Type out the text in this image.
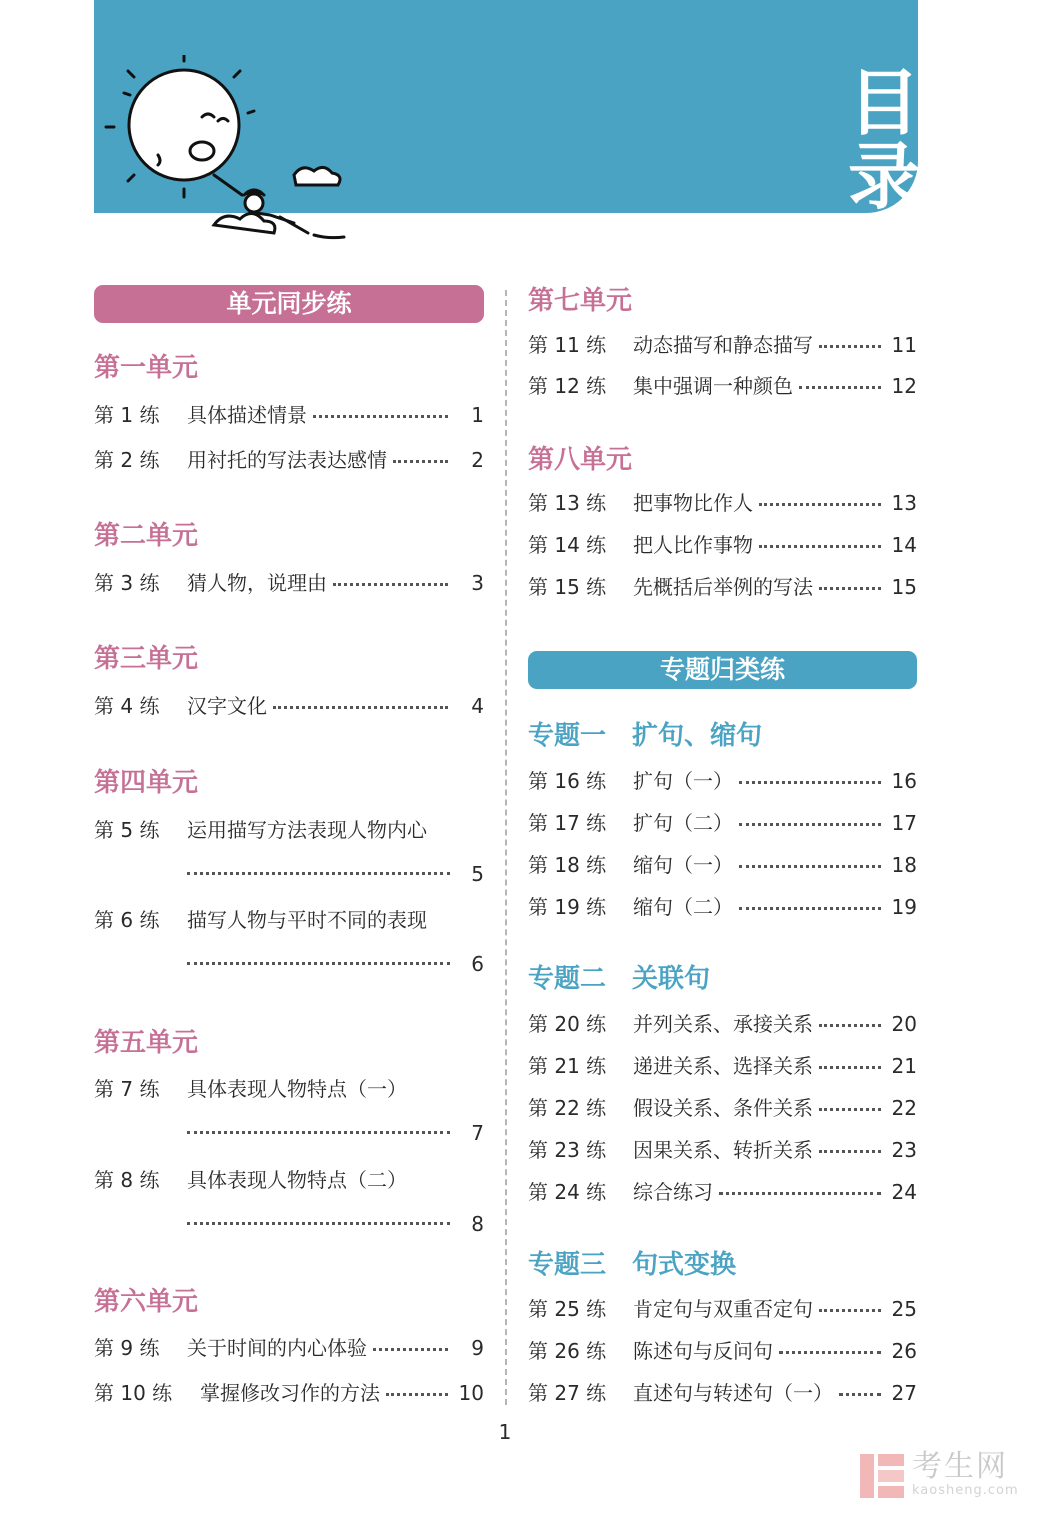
目
录
单元同步练
第一单元
第 1 练 具体描述情景	1
第 2 练 用衬托的写法表达感情	2
第二单元
第 3 练 猜人物，说理由	3
第三单元
第 4 练 汉字文化	4
第四单元
第 5 练 运用描写方法表现人物内心
5
第 6 练 描写人物与平时不同的表现
6
第五单元
第 7 练 具体表现人物特点（一）
7
第 8 练 具体表现人物特点（二）
8
第六单元
第 9 练 关于时间的内心体验	9
第 10 练 掌握修改习作的方法	10
第七单元
第 11 练 动态描写和静态描写	11
第 12 练 集中强调一种颜色	12
第八单元
第 13 练 把事物比作人	13
第 14 练 把人比作事物	14
第 15 练 先概括后举例的写法	15
专题一　扩句、缩句
第 16 练 扩句（一）	16
第 17 练 扩句（二）	17
第 18 练 缩句（一）	18
第 19 练 缩句（二）	19
专题二　关联句
第 20 练 并列关系、承接关系	20
第 21 练 递进关系、选择关系	21
第 22 练 假设关系、条件关系	22
第 23 练 因果关系、转折关系	23
第 24 练 综合练习	24
专题三　句式变换
第 25 练 肯定句与双重否定句	25
第 26 练 陈述句与反问句	26
第 27 练 直述句与转述句（一）	27
专题归类练
1
考生网
kaosheng.com
